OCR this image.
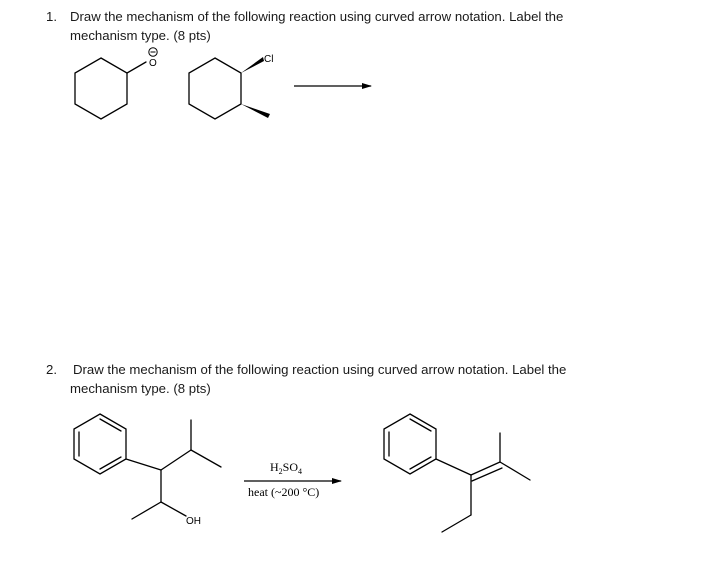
1. Draw the mechanism of the following reaction using curved arrow notation. Label the
mechanism type. (8 pts)
2. Draw the mechanism of the following reaction using curved arrow notation. Label the
mechanism type. (8 pts)
O	Cl
OH
$H_2SO_4$
heat (~200 °C)
